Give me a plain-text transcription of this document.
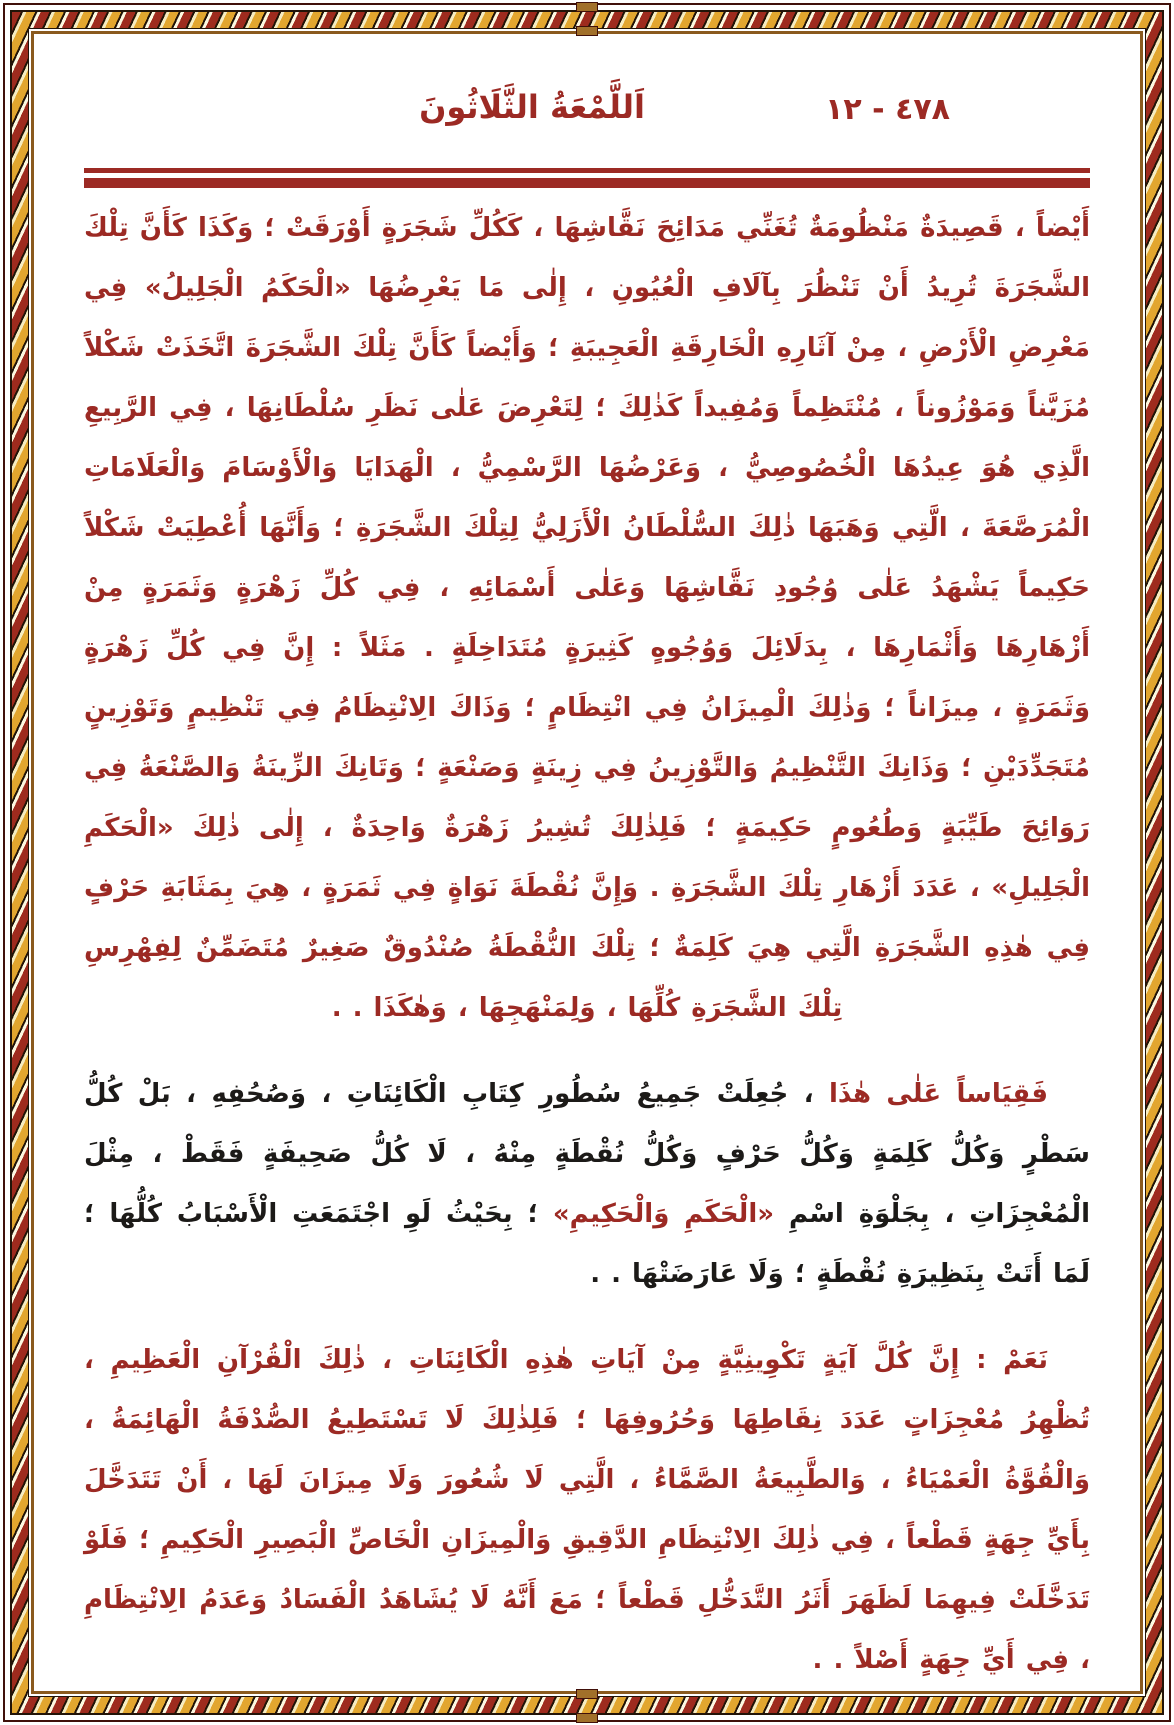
٤٧٨ - ١٢
اَللَّمْعَةُ الثَّلَاثُونَ

أَيْضاً ، قَصِيدَةٌ مَنْظُومَةٌ تُغَنِّي مَدَائِحَ نَقَّاشِهَا ، كَكُلِّ شَجَرَةٍ أَوْرَقَتْ ؛ وَكَذَا كَأَنَّ تِلْكَ الشَّجَرَةَ تُرِيدُ أَنْ تَنْظُرَ بِآلَافِ الْعُيُونِ ، إِلٰى مَا يَعْرِضُهَا «الْحَكَمُ الْجَلِيلُ» فِي مَعْرِضِ الْأَرْضِ ، مِنْ آثَارِهِ الْخَارِقَةِ الْعَجِيبَةِ ؛ وَأَيْضاً كَأَنَّ تِلْكَ الشَّجَرَةَ اتَّخَذَتْ شَكْلاً مُزَيَّناً وَمَوْزُوناً ، مُنْتَظِماً وَمُفِيداً كَذٰلِكَ ؛ لِتَعْرِضَ عَلٰى نَظَرِ سُلْطَانِهَا ، فِي الرَّبِيعِ الَّذِي هُوَ عِيدُهَا الْخُصُوصِيُّ ، وَعَرْضُهَا الرَّسْمِيُّ ، الْهَدَايَا وَالْأَوْسَامَ وَالْعَلَامَاتِ الْمُرَصَّعَةَ ، الَّتِي وَهَبَهَا ذٰلِكَ السُّلْطَانُ الْأَزَلِيُّ لِتِلْكَ الشَّجَرَةِ ؛ وَأَنَّهَا أُعْطِيَتْ شَكْلاً حَكِيماً يَشْهَدُ عَلٰى وُجُودِ نَقَّاشِهَا وَعَلٰى أَسْمَائِهِ ، فِي كُلِّ زَهْرَةٍ وَثَمَرَةٍ مِنْ أَزْهَارِهَا وَأَثْمَارِهَا ، بِدَلَائِلَ وَوُجُوهٍ كَثِيرَةٍ مُتَدَاخِلَةٍ . مَثَلاً : إِنَّ فِي كُلِّ زَهْرَةٍ وَثَمَرَةٍ ، مِيزَاناً ؛ وَذٰلِكَ الْمِيزَانُ فِي انْتِظَامٍ ؛ وَذَاكَ الِانْتِظَامُ فِي تَنْظِيمٍ وَتَوْزِينٍ مُتَجَدِّدَيْنِ ؛ وَذَانِكَ التَّنْظِيمُ وَالتَّوْزِينُ فِي زِينَةٍ وَصَنْعَةٍ ؛ وَتَانِكَ الزِّينَةُ وَالصَّنْعَةُ فِي رَوَائِحَ طَيِّبَةٍ وَطُعُومٍ حَكِيمَةٍ ؛ فَلِذٰلِكَ تُشِيرُ زَهْرَةٌ وَاحِدَةٌ ، إِلٰى ذٰلِكَ «الْحَكَمِ الْجَلِيلِ» ، عَدَدَ أَزْهَارِ تِلْكَ الشَّجَرَةِ . وَإِنَّ نُقْطَةَ نَوَاةٍ فِي ثَمَرَةٍ ، هِيَ بِمَثَابَةِ حَرْفٍ فِي هٰذِهِ الشَّجَرَةِ الَّتِي هِيَ كَلِمَةٌ ؛ تِلْكَ النُّقْطَةُ صُنْدُوقٌ صَغِيرٌ مُتَضَمِّنٌ لِفِهْرِسِ تِلْكَ الشَّجَرَةِ كُلِّهَا ، وَلِمَنْهَجِهَا ، وَهٰكَذَا . .

فَقِيَاساً عَلٰى هٰذَا ، جُعِلَتْ جَمِيعُ سُطُورِ كِتَابِ الْكَائِنَاتِ ، وَصُحُفِهِ ، بَلْ كُلُّ سَطْرٍ وَكُلُّ كَلِمَةٍ وَكُلُّ حَرْفٍ وَكُلُّ نُقْطَةٍ مِنْهُ ، لَا كُلُّ صَحِيفَةٍ فَقَطْ ، مِثْلَ الْمُعْجِزَاتِ ، بِجَلْوَةِ اسْمِ «الْحَكَمِ وَالْحَكِيمِ» ؛ بِحَيْثُ لَوِ اجْتَمَعَتِ الْأَسْبَابُ كُلُّهَا ؛ لَمَا أَتَتْ بِنَظِيرَةِ نُقْطَةٍ ؛ وَلَا عَارَضَتْهَا . .

نَعَمْ : إِنَّ كُلَّ آيَةٍ تَكْوِينِيَّةٍ مِنْ آيَاتِ هٰذِهِ الْكَائِنَاتِ ، ذٰلِكَ الْقُرْآنِ الْعَظِيمِ ، تُظْهِرُ مُعْجِزَاتٍ عَدَدَ نِقَاطِهَا وَحُرُوفِهَا ؛ فَلِذٰلِكَ لَا تَسْتَطِيعُ الصُّدْفَةُ الْهَائِمَةُ ، وَالْقُوَّةُ الْعَمْيَاءُ ، وَالطَّبِيعَةُ الصَّمَّاءُ ، الَّتِي لَا شُعُورَ وَلَا مِيزَانَ لَهَا ، أَنْ تَتَدَخَّلَ بِأَيِّ جِهَةٍ قَطْعاً ، فِي ذٰلِكَ الِانْتِظَامِ الدَّقِيقِ وَالْمِيزَانِ الْخَاصِّ الْبَصِيرِ الْحَكِيمِ ؛ فَلَوْ تَدَخَّلَتْ فِيهِمَا لَظَهَرَ أَثَرُ التَّدَخُّلِ قَطْعاً ؛ مَعَ أَنَّهُ لَا يُشَاهَدُ الْفَسَادُ وَعَدَمُ الِانْتِظَامِ ، فِي أَيِّ جِهَةٍ أَصْلاً . .
